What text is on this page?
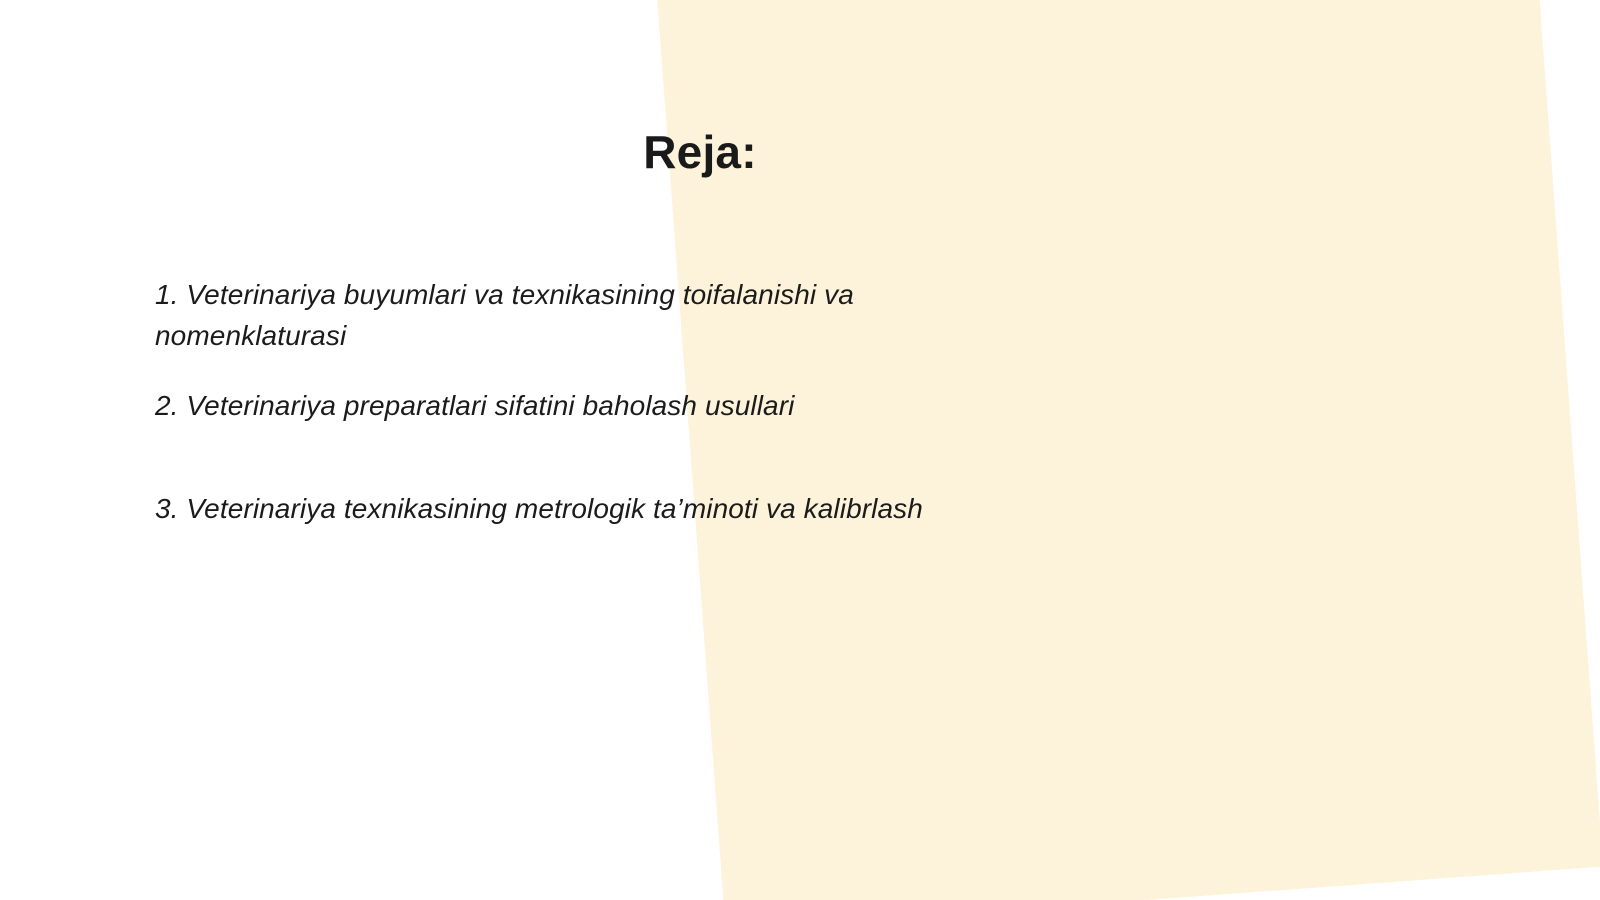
Reja:

1. Veterinariya buyumlari va texnikasining toifalanishi va nomenklaturasi

2. Veterinariya preparatlari sifatini baholash usullari

3. Veterinariya texnikasining metrologik ta’minoti va kalibrlash
